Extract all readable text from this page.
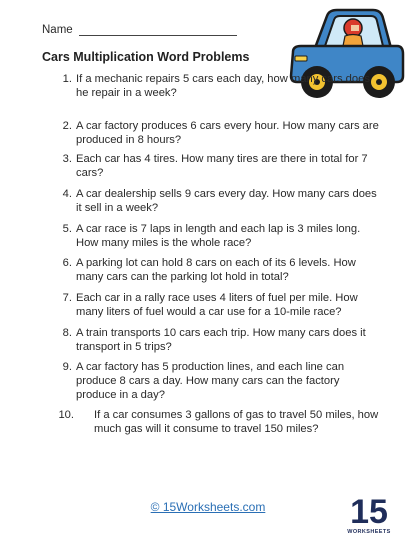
Name
Cars Multiplication Word Problems
1. If a mechanic repairs 5 cars each day, how many cars does he repair in a week?
2. A car factory produces 6 cars every hour. How many cars are produced in 8 hours?
3. Each car has 4 tires. How many tires are there in total for 7 cars?
4. A car dealership sells 9 cars every day. How many cars does it sell in a week?
5. A car race is 7 laps in length and each lap is 3 miles long. How many miles is the whole race?
6. A parking lot can hold 8 cars on each of its 6 levels. How many cars can the parking lot hold in total?
7. Each car in a rally race uses 4 liters of fuel per mile. How many liters of fuel would a car use for a 10-mile race?
8. A train transports 10 cars each trip. How many cars does it transport in 5 trips?
9. A car factory has 5 production lines, and each line can produce 8 cars a day. How many cars can the factory produce in a day?
10. If a car consumes 3 gallons of gas to travel 50 miles, how much gas will it consume to travel 150 miles?
© 15Worksheets.com	15
WORKSHEETS
